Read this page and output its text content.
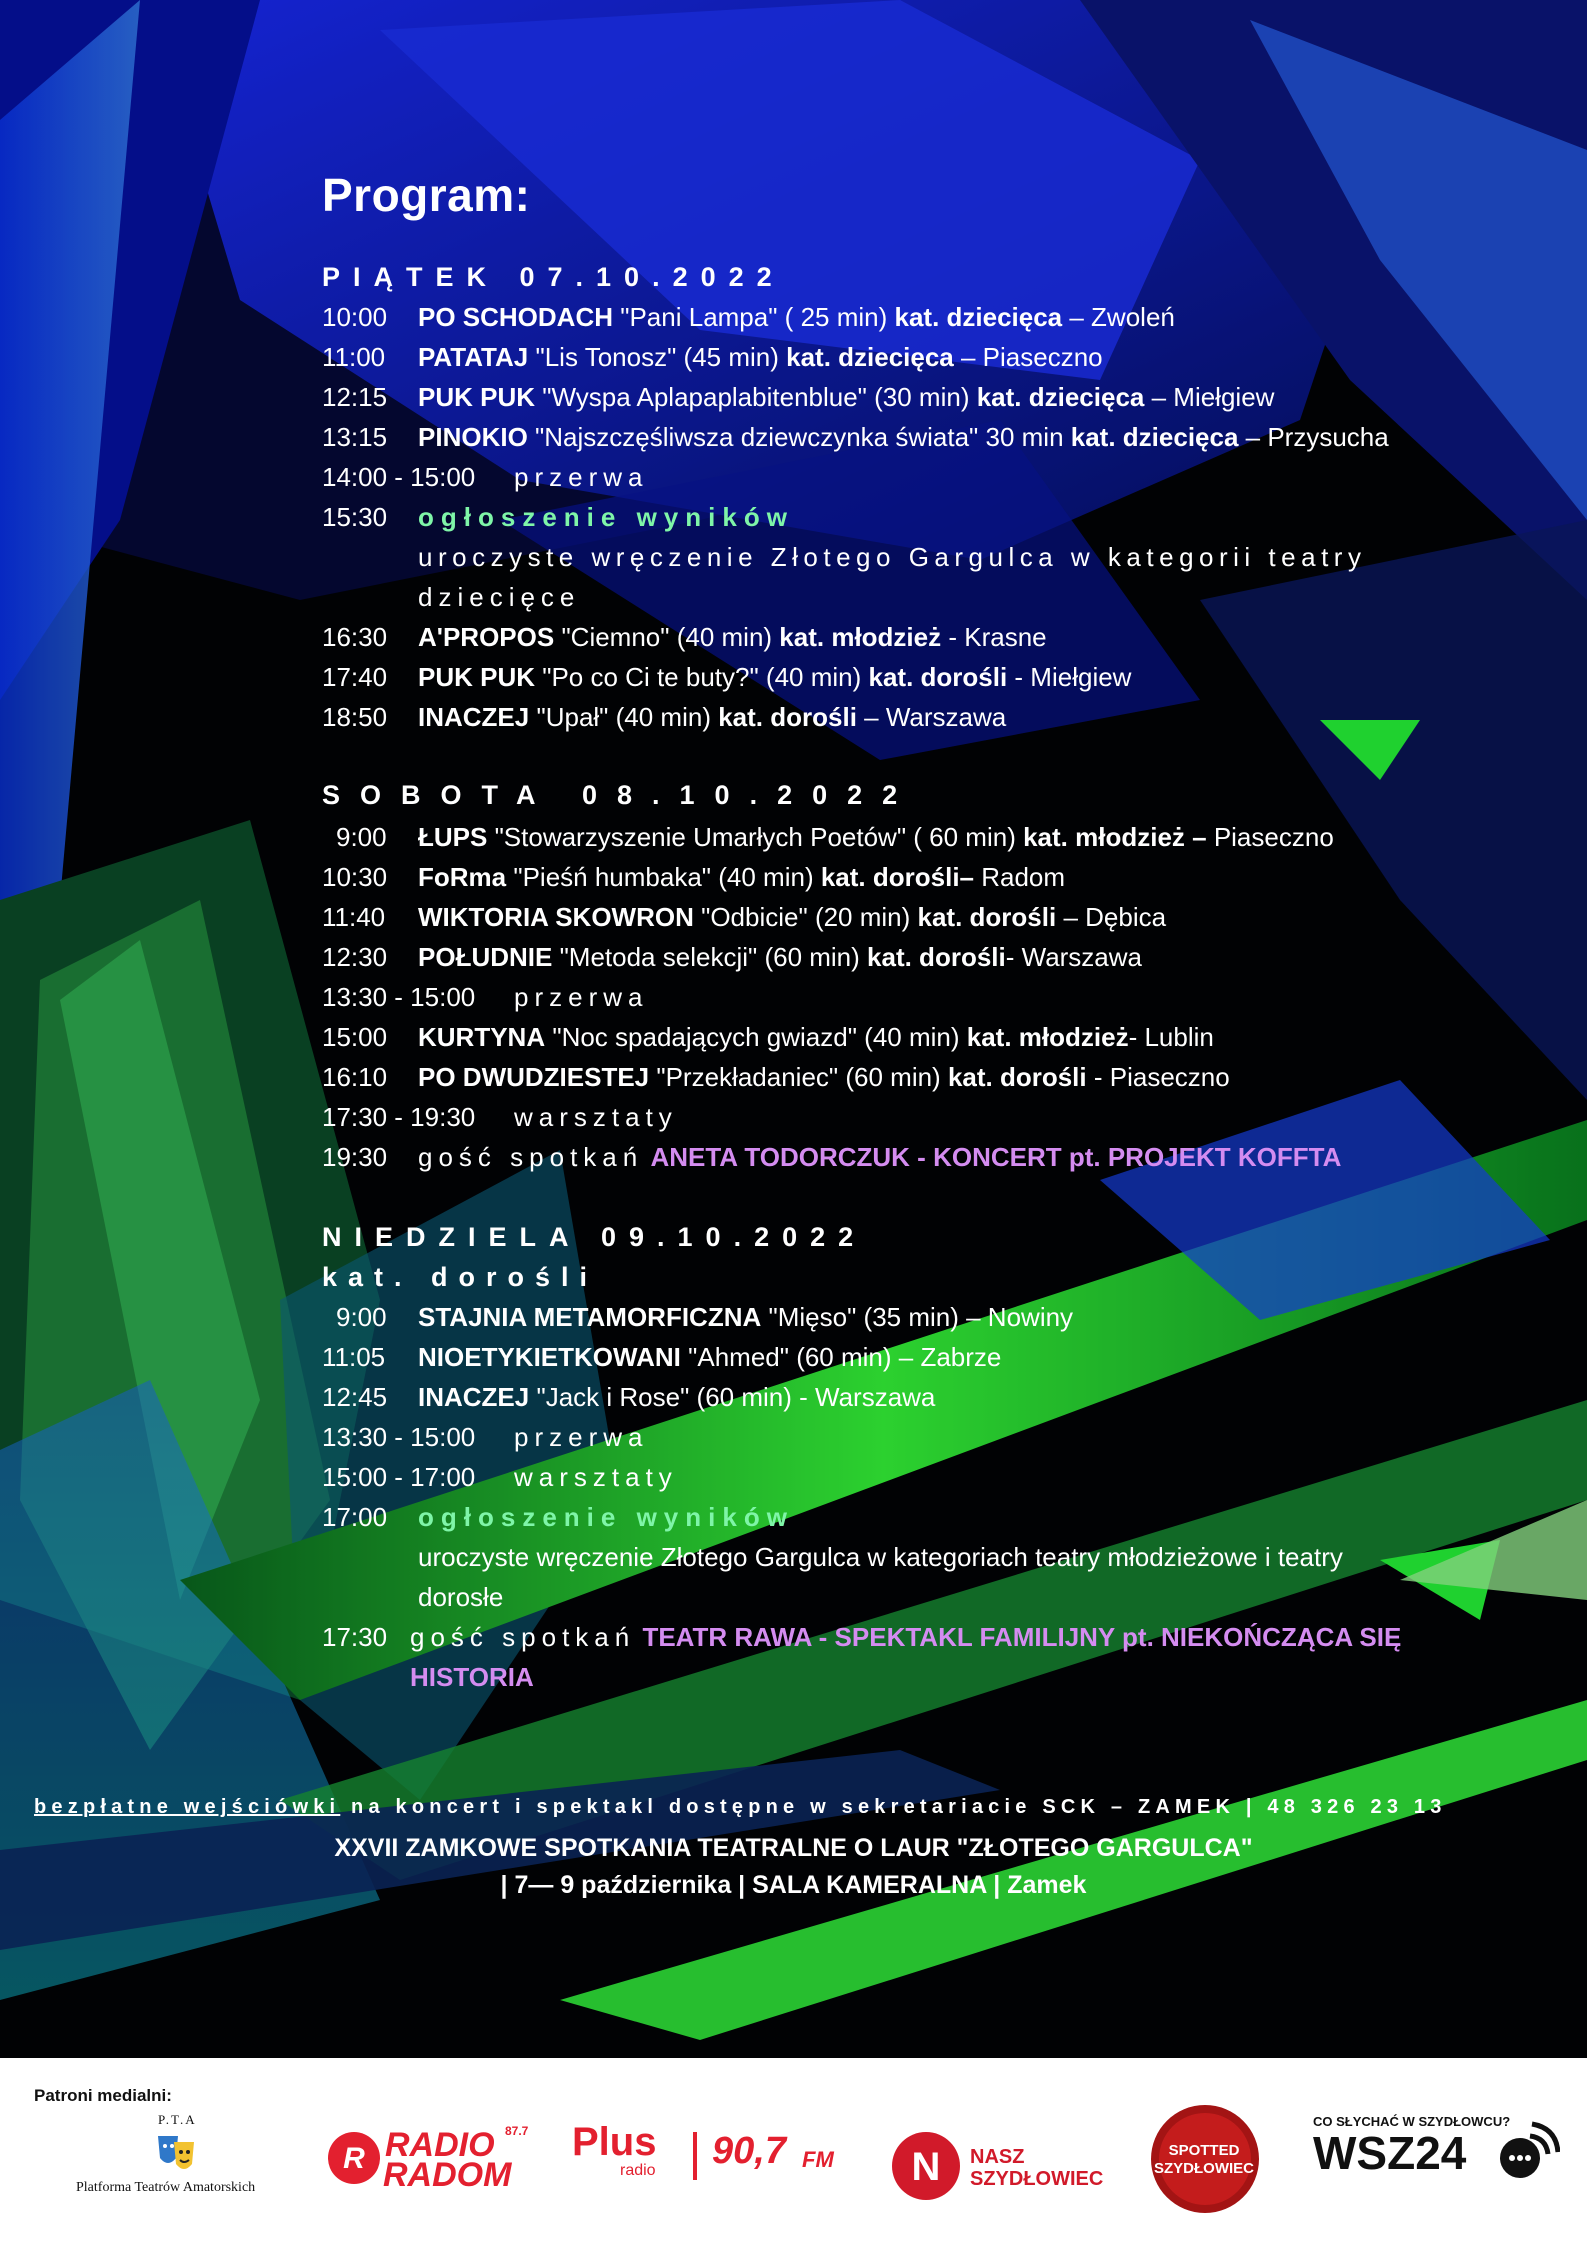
Program:
PIĄTEK 07.10.2022
10:00 PO SCHODACH "Pani Lampa" ( 25 min) kat. dziecięca – Zwoleń
11:00 PATATAJ "Lis Tonosz" (45 min) kat. dziecięca – Piaseczno
12:15 PUK PUK "Wyspa Aplapaplabitenblue" (30 min) kat. dziecięca – Miełgiew
13:15 PINOKIO "Najszczęśliwsza dziewczynka świata" 30 min kat. dziecięca – Przysucha
14:00 - 15:00 przerwa
15:30 ogłoszenie wyników
uroczyste wręczenie Złotego Gargulca w kategorii teatry
dziecięce
16:30 A'PROPOS "Ciemno" (40 min) kat. młodzież - Krasne
17:40 PUK PUK "Po co Ci te buty?" (40 min) kat. dorośli - Miełgiew
18:50 INACZEJ "Upał" (40 min) kat. dorośli – Warszawa
SOBOTA 08.10.2022
9:00 ŁUPS "Stowarzyszenie Umarłych Poetów" ( 60 min) kat. młodzież – Piaseczno
10:30 FoRma "Pieśń humbaka" (40 min) kat. dorośli– Radom
11:40 WIKTORIA SKOWRON "Odbicie" (20 min) kat. dorośli – Dębica
12:30 POŁUDNIE "Metoda selekcji" (60 min) kat. dorośli- Warszawa
13:30 - 15:00 przerwa
15:00 KURTYNA "Noc spadających gwiazd" (40 min) kat. młodzież- Lublin
16:10 PO DWUDZIESTEJ "Przekładaniec" (60 min) kat. dorośli - Piaseczno
17:30 - 19:30 warsztaty
19:30 gość spotkań ANETA TODORCZUK - KONCERT pt. PROJEKT KOFFTA
NIEDZIELA 09.10.2022
kat. dorośli
9:00 STAJNIA METAMORFICZNA "Mięso" (35 min) – Nowiny
11:05 NIOETYKIETKOWANI "Ahmed" (60 min) – Zabrze
12:45 INACZEJ "Jack i Rose" (60 min) - Warszawa
13:30 - 15:00 przerwa
15:00 - 17:00 warsztaty
17:00 ogłoszenie wyników
uroczyste wręczenie Złotego Gargulca w kategoriach teatry młodzieżowe i teatry
dorosłe
17:30 gość spotkań TEATR RAWA - SPEKTAKL FAMILIJNY pt. NIEKOŃCZĄCA SIĘ
HISTORIA
bezpłatne wejściówki na koncert i spektakl dostępne w sekretariacie SCK – ZAMEK | 48 326 23 13
XXVII ZAMKOWE SPOTKANIA TEATRALNE O LAUR "ZŁOTEGO GARGULCA"
| 7— 9 października | SALA KAMERALNA | Zamek
Patroni medialni:
P.T.A
Platforma Teatrów Amatorskich
R RADIO
RADOM
87.7 Plus
radio 90,7 FM N NASZ
SZYDŁOWIEC
SPOTTED
SZYDŁOWIEC
CO SŁYCHAĆ W SZYDŁOWCU?
WSZ24
